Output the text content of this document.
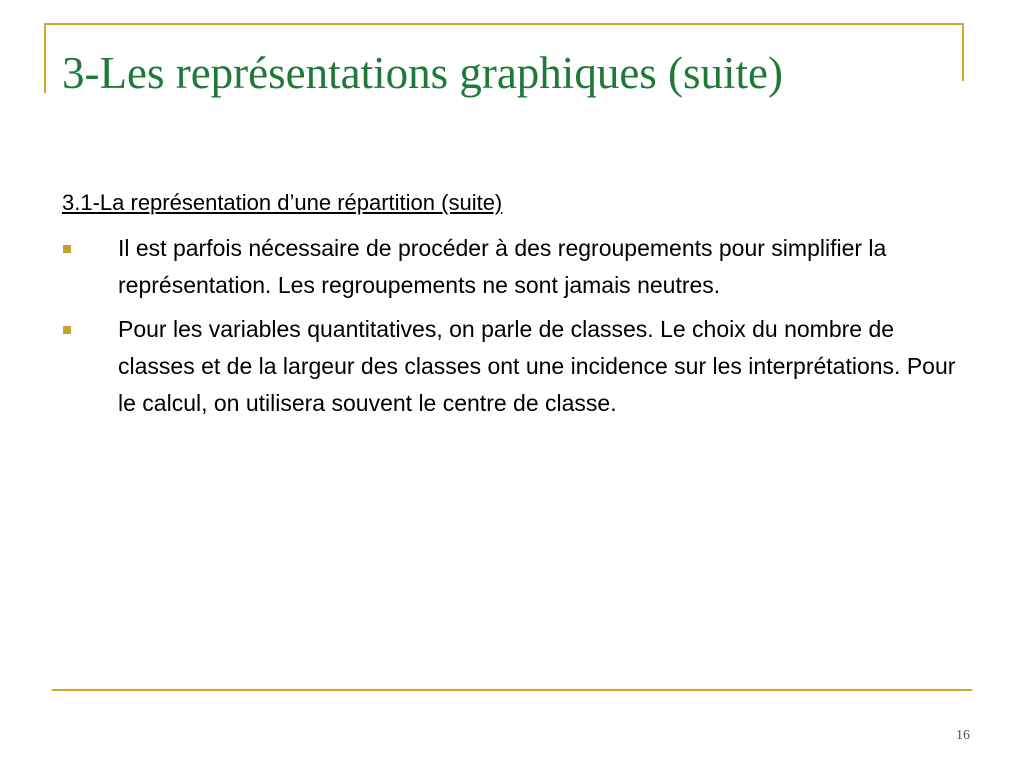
3-Les représentations graphiques (suite)

3.1-La représentation d’une répartition (suite)

Il est parfois nécessaire de procéder à des regroupements pour simplifier la représentation. Les regroupements ne sont jamais neutres.
Pour les variables quantitatives, on parle de classes. Le choix du nombre de classes et de la largeur des classes ont une incidence sur les interprétations. Pour le calcul, on utilisera souvent le centre de classe.
16
